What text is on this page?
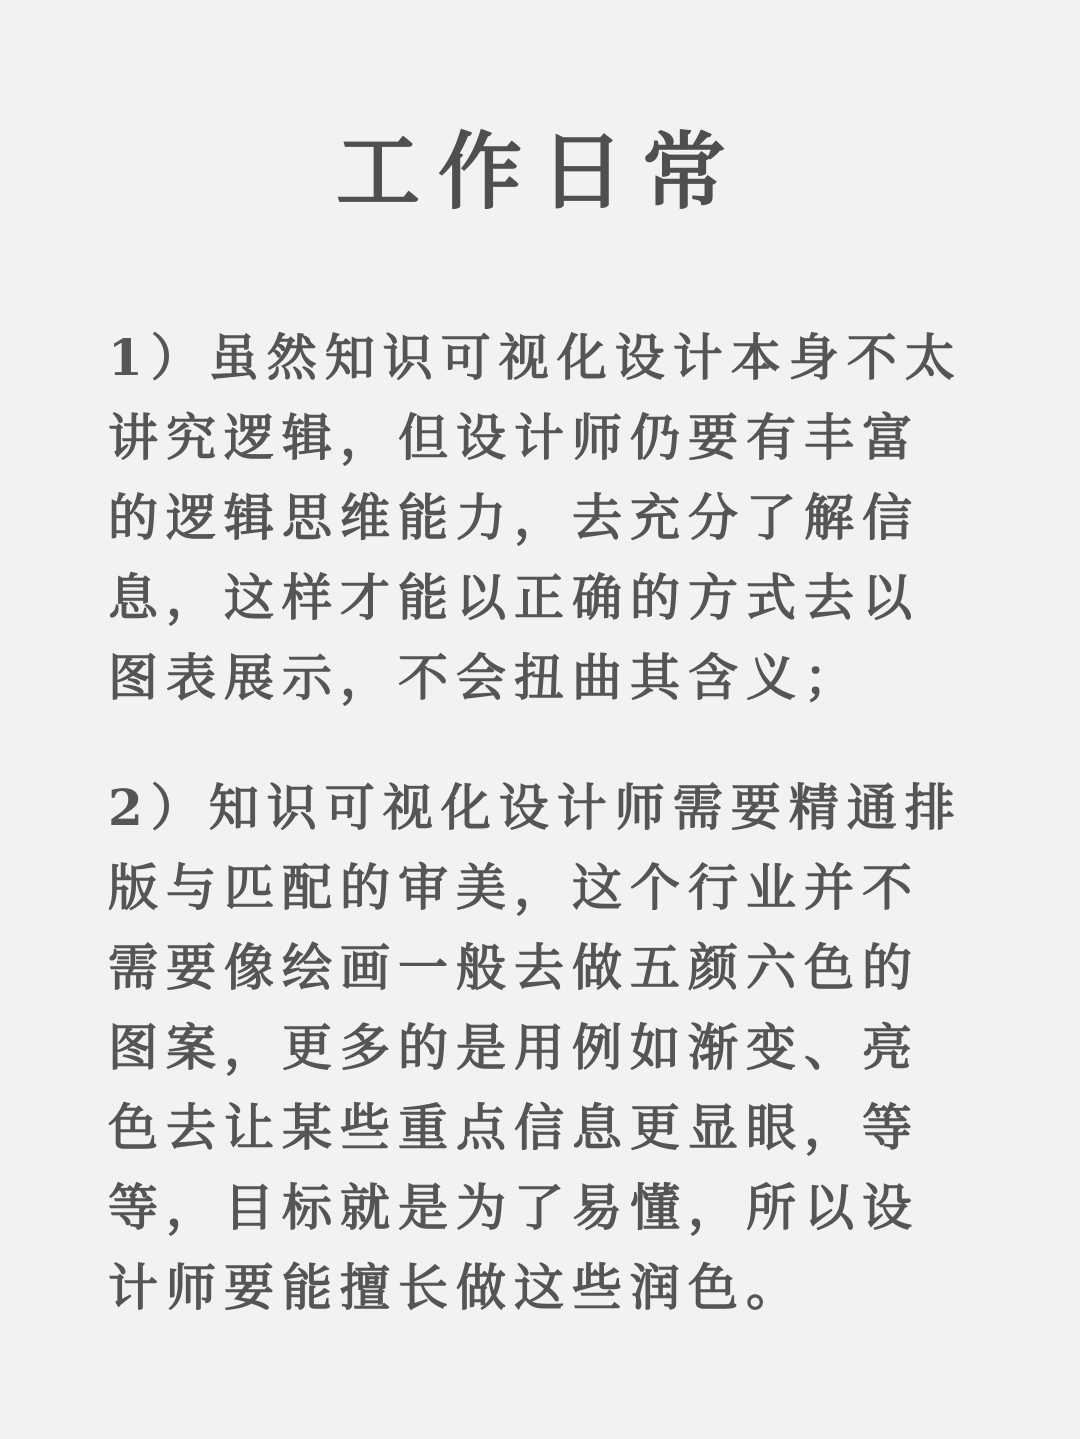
工作日常
1）虽然知识可视化设计本身不太
讲究逻辑，但设计师仍要有丰富
的逻辑思维能力，去充分了解信
息，这样才能以正确的方式去以
图表展示，不会扭曲其含义；
2）知识可视化设计师需要精通排
版与匹配的审美，这个行业并不
需要像绘画一般去做五颜六色的
图案，更多的是用例如渐变、亮
色去让某些重点信息更显眼，等
等，目标就是为了易懂，所以设
计师要能擅长做这些润色。
